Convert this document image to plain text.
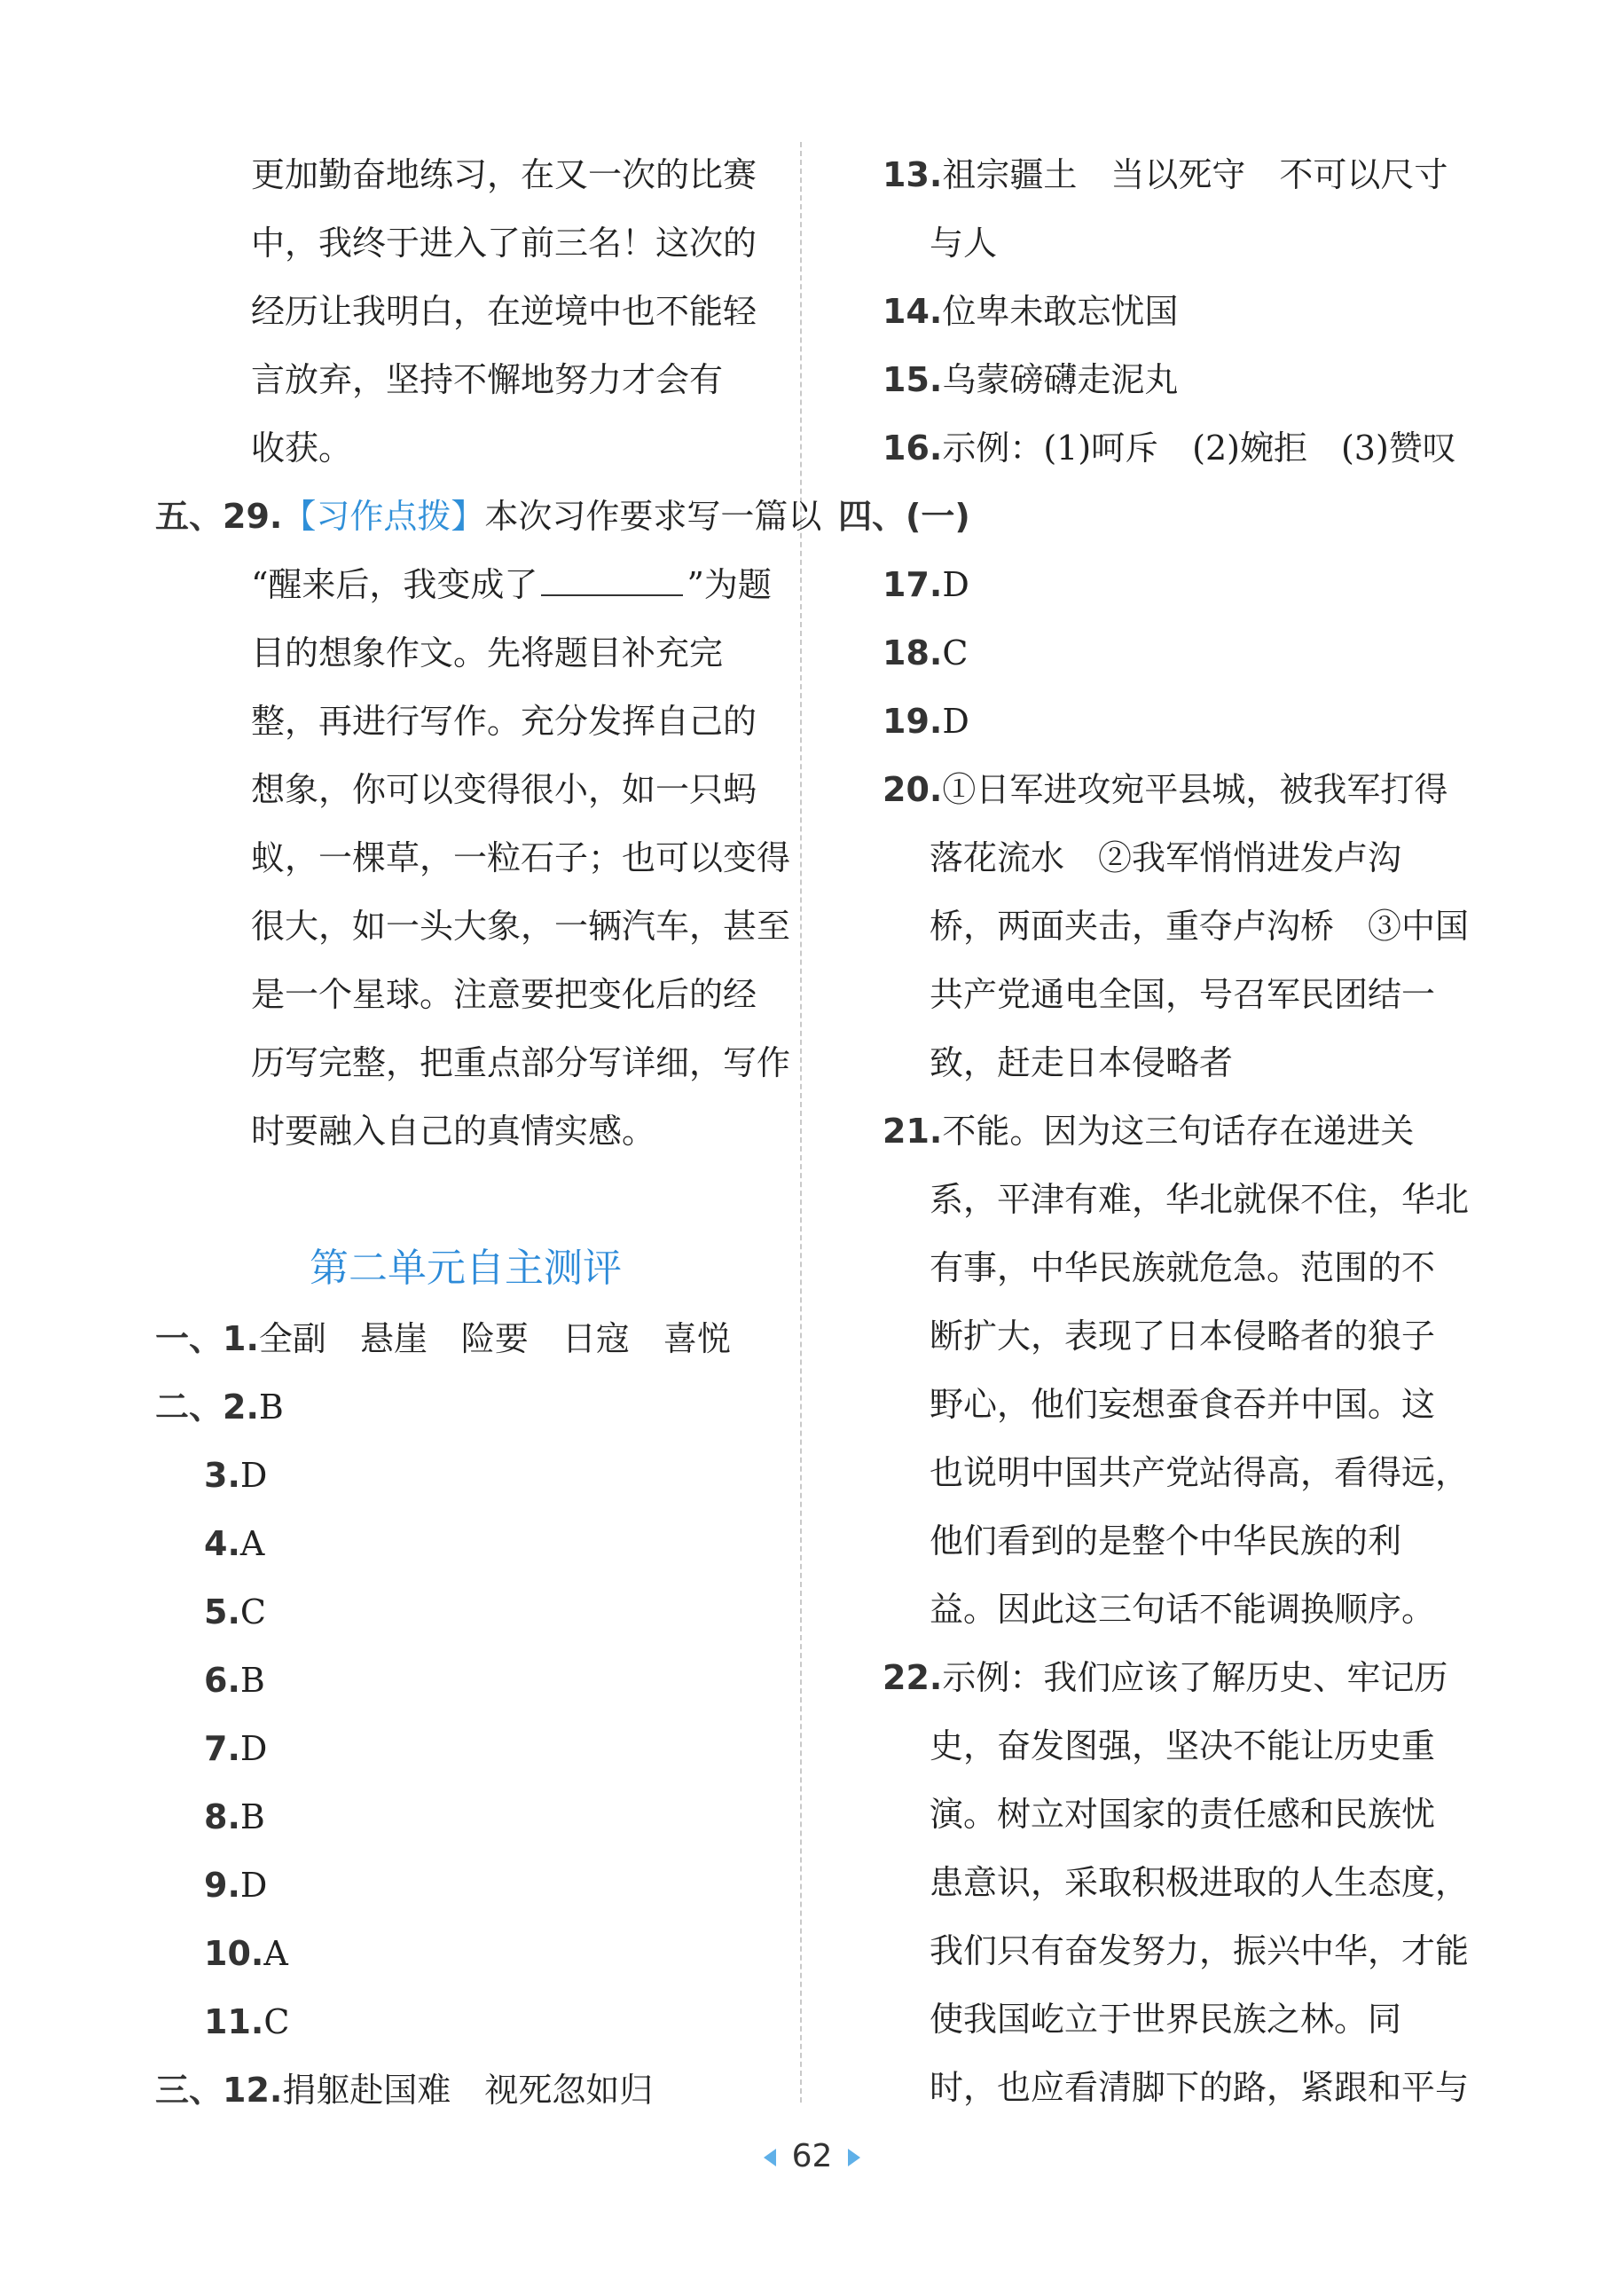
更加勤奋地练习，在又一次的比赛
中，我终于进入了前三名！这次的
经历让我明白，在逆境中也不能轻
言放弃，坚持不懈地努力才会有
收获。
五、29.【习作点拨】本次习作要求写一篇以
“醒来后，我变成了	”为题
目的想象作文。先将题目补充完
整，再进行写作。充分发挥自己的
想象，你可以变得很小，如一只蚂
蚁，一棵草，一粒石子；也可以变得
很大，如一头大象，一辆汽车，甚至
是一个星球。注意要把变化后的经
历写完整，把重点部分写详细，写作
时要融入自己的真情实感。
第二单元自主测评
一、1.全副　悬崖　险要　日寇　喜悦
二、2.B
3.D
4.A
5.C
6.B
7.D
8.B
9.D
10.A
11.C
三、12.捐躯赴国难　视死忽如归
13.祖宗疆土　当以死守　不可以尺寸
与人
14.位卑未敢忘忧国
15.乌蒙磅礴走泥丸
16.示例：(1)呵斥　(2)婉拒　(3)赞叹
四、(一)
17.D
18.C
19.D
20.①日军进攻宛平县城，被我军打得
落花流水　②我军悄悄进发卢沟
桥，两面夹击，重夺卢沟桥　③中国
共产党通电全国，号召军民团结一
致，赶走日本侵略者
21.不能。因为这三句话存在递进关
系，平津有难，华北就保不住，华北
有事，中华民族就危急。范围的不
断扩大，表现了日本侵略者的狼子
野心，他们妄想蚕食吞并中国。这
也说明中国共产党站得高，看得远，
他们看到的是整个中华民族的利
益。因此这三句话不能调换顺序。
22.示例：我们应该了解历史、牢记历
史，奋发图强，坚决不能让历史重
演。树立对国家的责任感和民族忧
患意识，采取积极进取的人生态度，
我们只有奋发努力，振兴中华，才能
使我国屹立于世界民族之林。同
时，也应看清脚下的路，紧跟和平与
62
